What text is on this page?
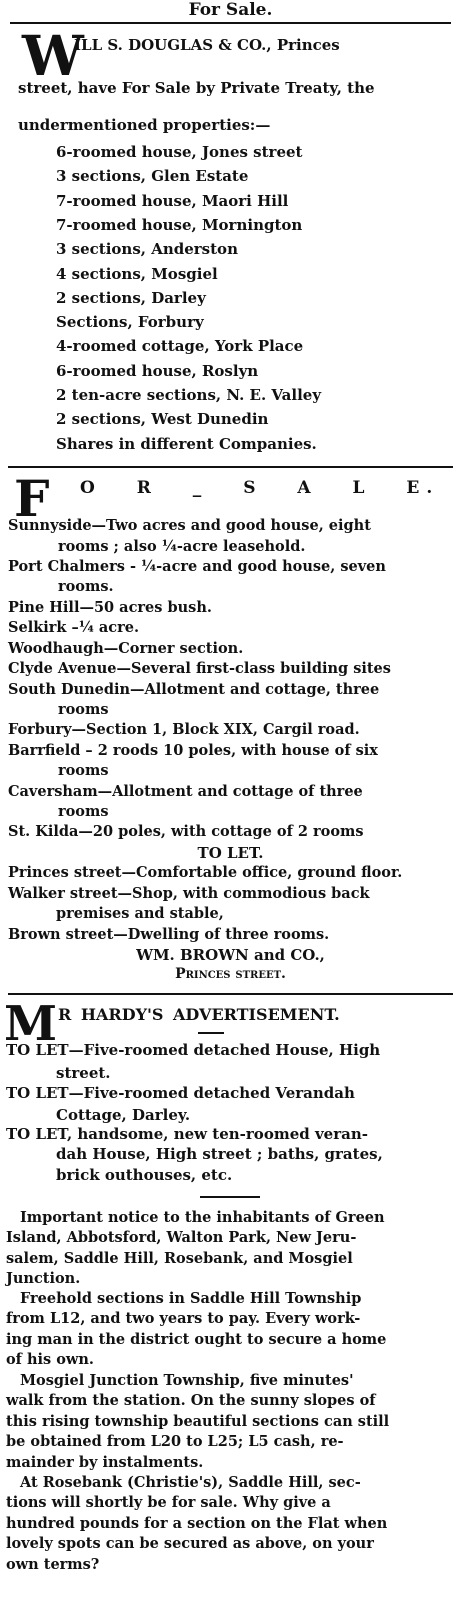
For Sale.
W
ILL S. DOUGLAS & CO., Princes
street, have For Sale by Private Treaty, the
undermentioned properties:—
6-roomed house, Jones street
3 sections, Glen Estate
7-roomed house, Maori Hill
7-roomed house, Mornington
3 sections, Anderston
4 sections, Mosgiel
2 sections, Darley
Sections, Forbury
4-roomed cottage, York Place
6-roomed house, Roslyn
2 ten-acre sections, N. E. Valley
2 sections, West Dunedin
Shares in different Companies.
F O R _ S A L E.
Sunnyside—Two acres and good house, eight
rooms ; also ¼-acre leasehold.
Port Chalmers - ¼-acre and good house, seven
rooms.
Pine Hill—50 acres bush.
Selkirk –¼ acre.
Woodhaugh—Corner section.
Clyde Avenue—Several first-class building sites
South Dunedin—Allotment and cottage, three
rooms
Forbury—Section 1, Block XIX, Cargil road.
Barrfield – 2 roods 10 poles, with house of six
rooms
Caversham—Allotment and cottage of three
rooms
St. Kilda—20 poles, with cottage of 2 rooms
TO LET.
Princes street—Comfortable office, ground floor.
Walker street—Shop, with commodious back
premises and stable,
Brown street—Dwelling of three rooms.
WM. BROWN and CO.,
Princes street.
M R HARDY'S ADVERTISEMENT.
TO LET—Five-roomed detached House, High
street.
TO LET—Five-roomed detached Verandah
Cottage, Darley.
TO LET, handsome, new ten-roomed veran-
dah House, High street ; baths, grates,
brick outhouses, etc.
Important notice to the inhabitants of Green
Island, Abbotsford, Walton Park, New Jeru-
salem, Saddle Hill, Rosebank, and Mosgiel
Junction.
Freehold sections in Saddle Hill Township
from L12, and two years to pay. Every work-
ing man in the district ought to secure a home
of his own.
Mosgiel Junction Township, five minutes'
walk from the station. On the sunny slopes of
this rising township beautiful sections can still
be obtained from L20 to L25; L5 cash, re-
mainder by instalments.
At Rosebank (Christie's), Saddle Hill, sec-
tions will shortly be for sale. Why give a
hundred pounds for a section on the Flat when
lovely spots can be secured as above, on your
own terms?
